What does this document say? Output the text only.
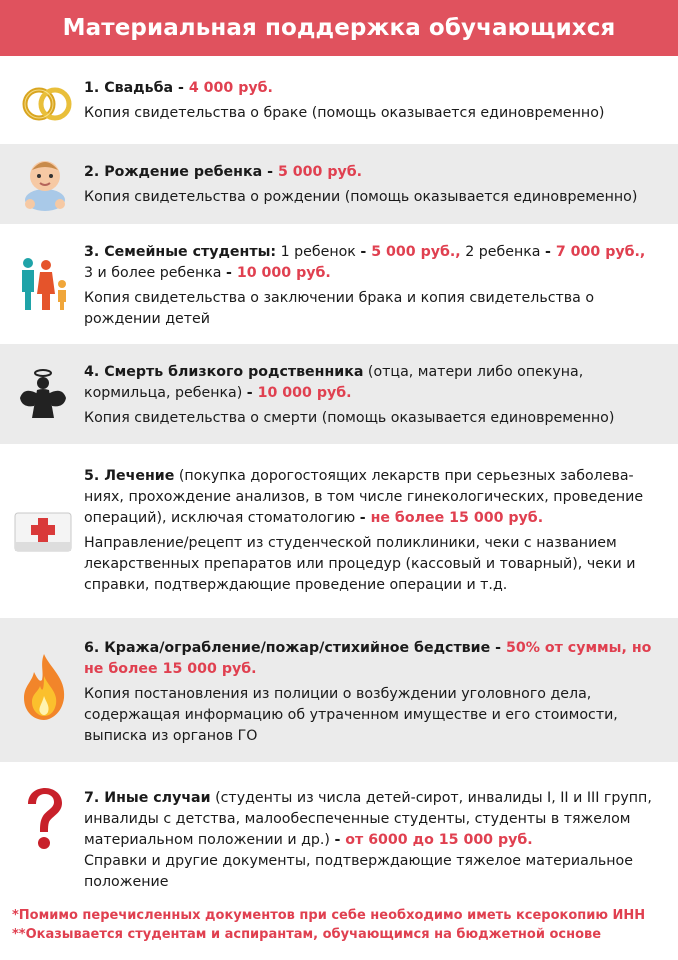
Материальная поддержка обучающихся

1. Свадьба - 4 000 руб.

Копия свидетельства о браке (помощь оказывается единовременно)

2. Рождение ребенка - 5 000 руб.

Копия свидетельства о рождении (помощь оказывается единовременно)

3. Семейные студенты: 1 ребенок - 5 000 руб., 2 ребенка - 7 000 руб.,
3 и более ребенка - 10 000 руб.

Копия свидетельства о заключении брака и копия свидетельства о рождении детей

4. Смерть близкого родственника (отца, матери либо опекуна, кормильца, ребенка) - 10 000 руб.

Копия свидетельства о смерти (помощь оказывается единовременно)

5. Лечение (покупка дорогостоящих лекарств при серьезных заболеваниях, прохождение анализов, в том числе гинекологических, проведение операций), исключая стоматологию - не более 15 000 руб.

Направление/рецепт из студенческой поликлиники, чеки с названием лекарственных препаратов или процедур (кассовый и товарный), чеки и справки, подтверждающие проведение операции и т.д.

6. Кража/ограбление/пожар/стихийное бедствие - 50% от суммы, но не более 15 000 руб.

Копия постановления из полиции о возбуждении уголовного дела, содержащая информацию об утраченном имуществе и его стоимости, выписка из органов ГО

7. Иные случаи (студенты из числа детей-сирот, инвалиды I, II и III групп, инвалиды с детства, малообеспеченные студенты, студенты в тяжелом материальном положении и др.) - от 6000 до 15 000 руб.

Справки и другие документы, подтверждающие тяжелое материальное положение

*Помимо перечисленных документов при себе необходимо иметь ксерокопию ИНН

**Оказывается студентам и аспирантам, обучающимся на бюджетной основе
